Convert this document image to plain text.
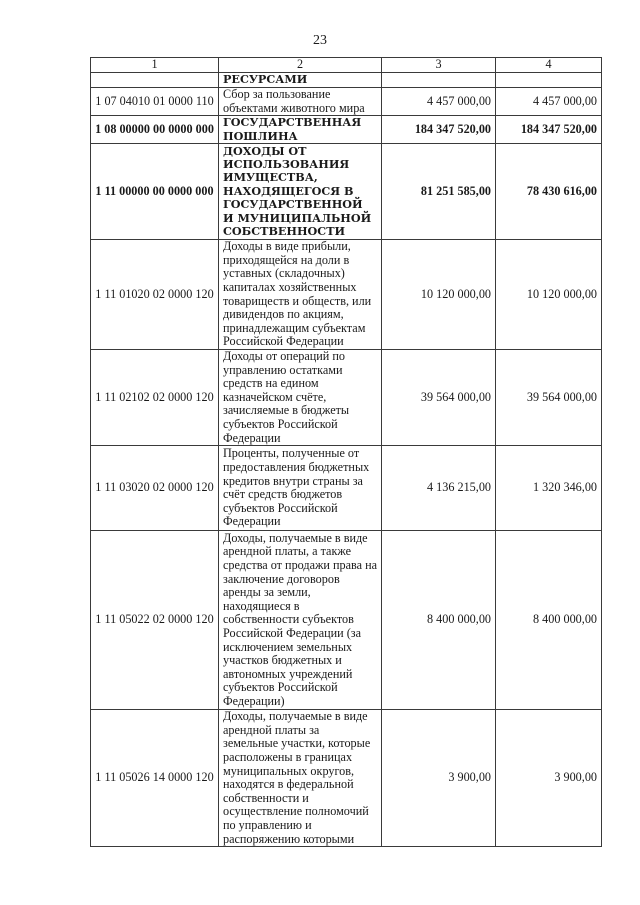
23
1	2	3	4
	РЕСУРСАМИ		
1 07 04010 01 0000 110	Сбор за пользование объектами животного мира	4 457 000,00	4 457 000,00
1 08 00000 00 0000 000	ГОСУДАРСТВЕННАЯ ПОШЛИНА	184 347 520,00	184 347 520,00
1 11 00000 00 0000 000	ДОХОДЫ ОТ ИСПОЛЬЗОВАНИЯ ИМУЩЕСТВА, НАХОДЯЩЕГОСЯ В ГОСУДАРСТВЕННОЙ И МУНИЦИПАЛЬНОЙ СОБСТВЕННОСТИ	81 251 585,00	78 430 616,00
1 11 01020 02 0000 120	Доходы в виде прибыли, приходящейся на доли в уставных (складочных) капиталах хозяйственных товариществ и обществ, или дивидендов по акциям, принадлежащим субъектам Российской Федерации	10 120 000,00	10 120 000,00
1 11 02102 02 0000 120	Доходы от операций по управлению остатками средств на едином казначейском счёте, зачисляемые в бюджеты субъектов Российской Федерации	39 564 000,00	39 564 000,00
1 11 03020 02 0000 120	Проценты, полученные от предоставления бюджетных кредитов внутри страны за счёт средств бюджетов субъектов Российской Федерации	4 136 215,00	1 320 346,00
1 11 05022 02 0000 120	Доходы, получаемые в виде арендной платы, а также средства от продажи права на заключение договоров аренды за земли, находящиеся в собственности субъектов Российской Федерации (за исключением земельных участков бюджетных и автономных учреждений субъектов Российской Федерации)	8 400 000,00	8 400 000,00
1 11 05026 14 0000 120	Доходы, получаемые в виде арендной платы за земельные участки, которые расположены в границах муниципальных округов, находятся в федеральной собственности и осуществление полномочий по управлению и распоряжению которыми	3 900,00	3 900,00
